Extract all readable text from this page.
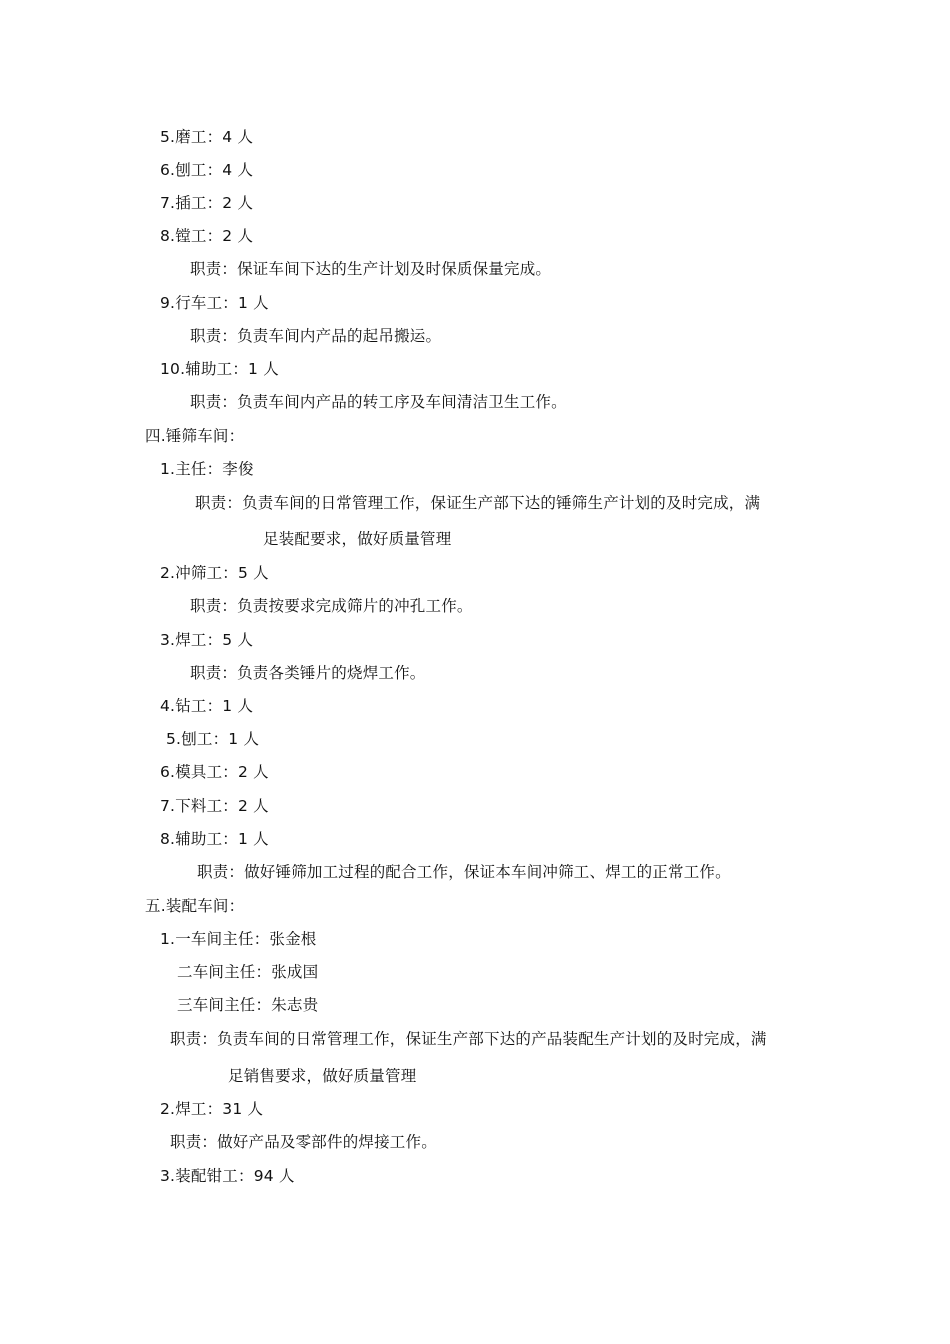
5.磨工：4 人
6.刨工：4 人
7.插工：2 人
8.镗工：2 人
职责：保证车间下达的生产计划及时保质保量完成。
9.行车工：1 人
职责：负责车间内产品的起吊搬运。
10.辅助工：1 人
职责：负责车间内产品的转工序及车间清洁卫生工作。
四.锤筛车间：
1.主任：李俊
职责：负责车间的日常管理工作，保证生产部下达的锤筛生产计划的及时完成，满
足装配要求，做好质量管理
2.冲筛工：5 人
职责：负责按要求完成筛片的冲孔工作。
3.焊工：5 人
职责：负责各类锤片的烧焊工作。
4.钻工：1 人
5.刨工：1 人
6.模具工：2 人
7.下料工：2 人
8.辅助工：1 人
职责：做好锤筛加工过程的配合工作，保证本车间冲筛工、焊工的正常工作。
五.装配车间：
1.一车间主任：张金根
二车间主任：张成国
三车间主任：朱志贵
职责：负责车间的日常管理工作，保证生产部下达的产品装配生产计划的及时完成，满
足销售要求，做好质量管理
2.焊工：31 人
职责：做好产品及零部件的焊接工作。
3.装配钳工：94 人
